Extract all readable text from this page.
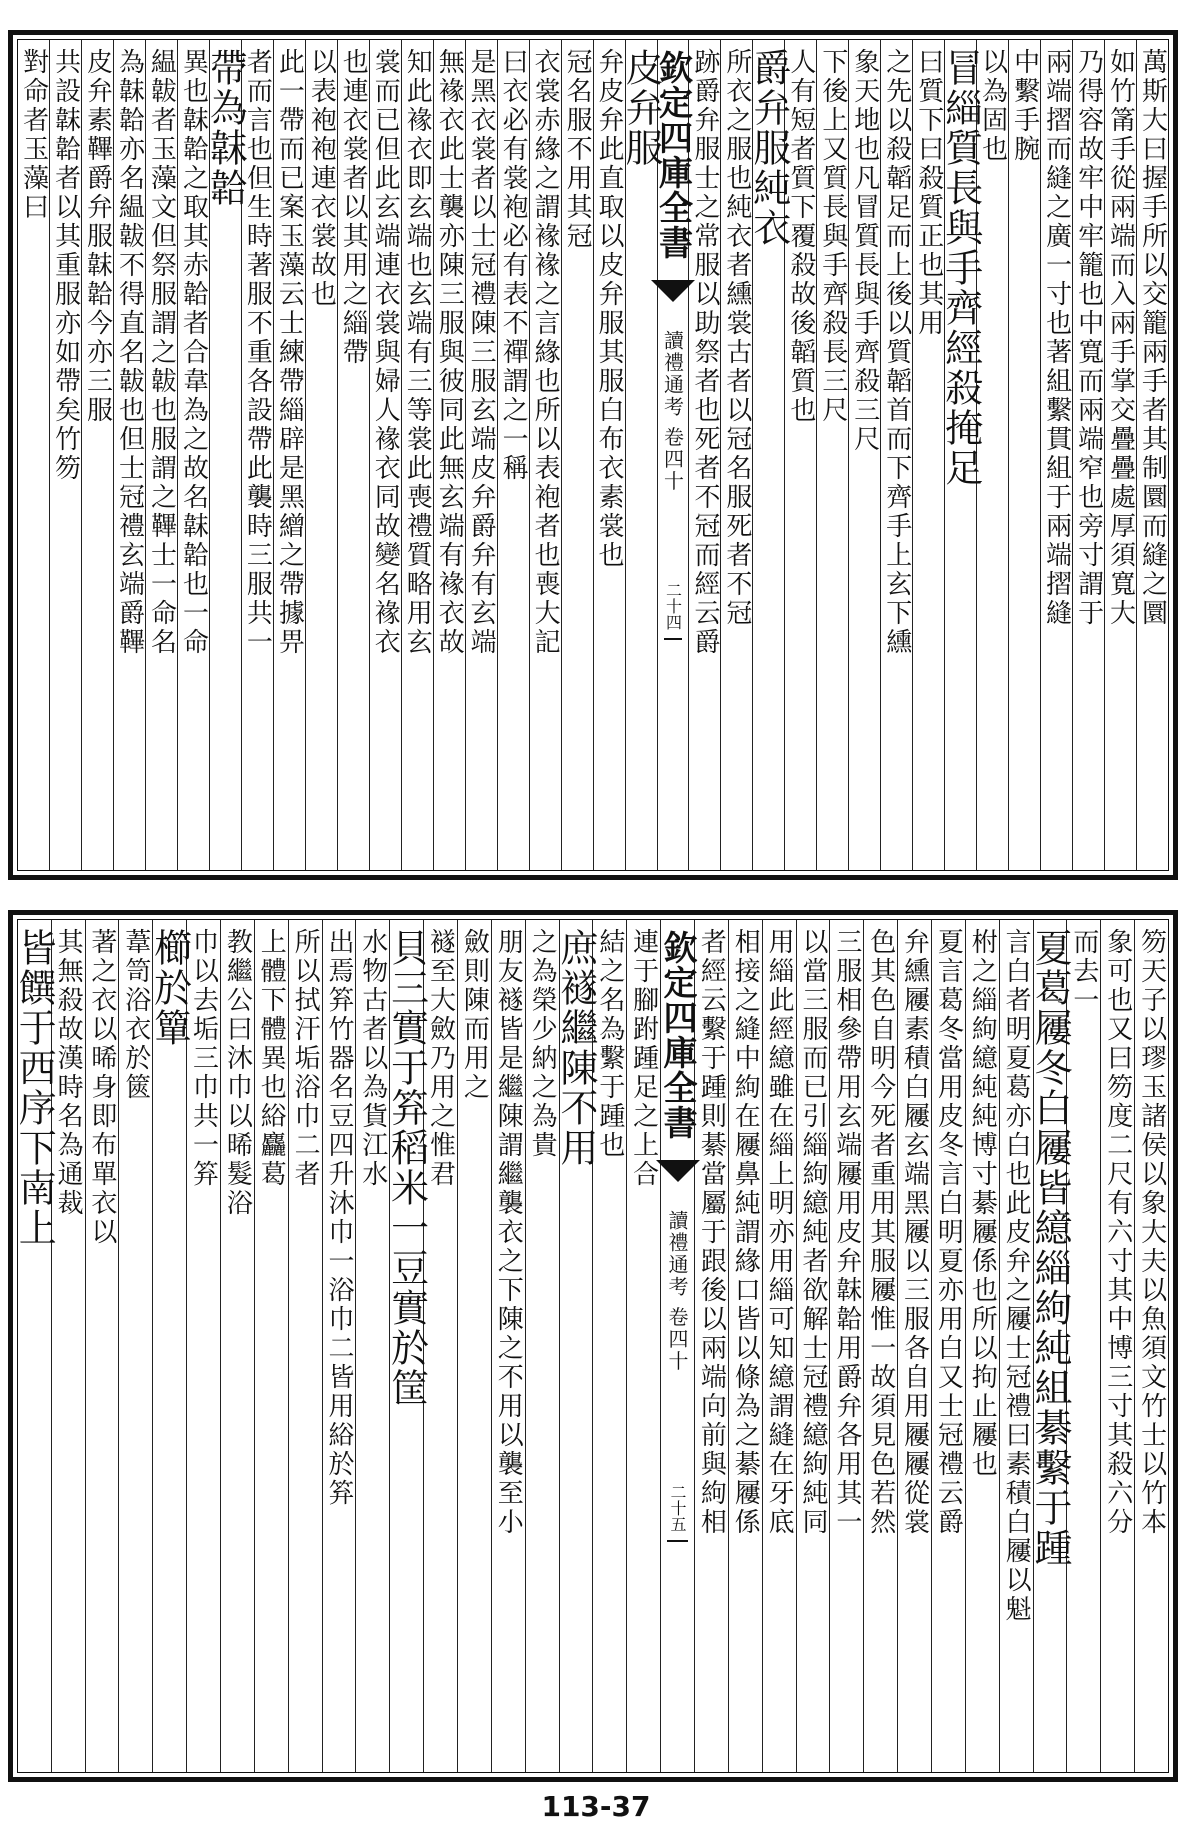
萬斯大曰握手所以交籠兩手者其制圜而縫之圜
如竹筩手從兩端而入兩手掌交疊疊處厚須寬大
乃得容故牢中牢籠也中寬而兩端窄也旁寸謂于
兩端摺而縫之廣一寸也著組繫貫組于兩端摺縫
中繫手腕
以為固也
冒緇質長與手齊經殺掩足
曰質下曰殺質正也其用
之先以殺韜足而上後以質韜首而下齊手上玄下纁
象天地也凡冒質長與手齊殺三尺
下後上又質長與手齊殺長三尺
人有短者質下覆殺故後韜質也
爵弁服純衣
所衣之服也純衣者纁裳古者以冠名服死者不冠
跡爵弁服士之常服以助祭者也死者不冠而經云爵
欽定四庫全書
讀禮通考 卷四十
二十四
皮弁服
弁皮弁此直取以皮弁服其服白布衣素裳也
冠名服不用其冠
衣裳赤緣之謂褖褖之言緣也所以表袍者也喪大記
曰衣必有裳袍必有表不禪謂之一稱
是黑衣裳者以士冠禮陳三服玄端皮弁爵弁有玄端
無褖衣此士襲亦陳三服與彼同此無玄端有褖衣故
知此褖衣即玄端也玄端有三等裳此喪禮質略用玄
裳而已但此玄端連衣裳與婦人褖衣同故變名褖衣
也連衣裳者以其用之緇帶
以表袍袍連衣裳故也
此一帶而已案玉藻云士練帶緇辟是黑繒之帶據畀
者而言也但生時著服不重各設帶此襲時三服共一
帶為韎韐
異也韎韐之取其赤韐者合韋為之故名韎韐也一命
緼韍者玉藻文但祭服謂之韍也服謂之鞸士一命名
為韎韐亦名緼韍不得直名韍也但士冠禮玄端爵鞸
皮弁素鞸爵弁服韎韐今亦三服
共設韎韐者以其重服亦如帶矣竹笏
對命者玉藻曰
笏天子以璆玉諸侯以象大夫以魚須文竹士以竹本
象可也又曰笏度二尺有六寸其中博三寸其殺六分
而去一
夏葛屨冬白屨皆繶緇絇純組綦繫于踵
言白者明夏葛亦白也此皮弁之屨士冠禮曰素積白屨以魁
柎之緇絇繶純純博寸綦屨係也所以拘止屨也
夏言葛冬當用皮冬言白明夏亦用白又士冠禮云爵
弁纁屨素積白屨玄端黑屨以三服各自用屨屨從裳
色其色自明今死者重用其服屨惟一故須見色若然
三服相參帶用玄端屨用皮弁韎韐用爵弁各用其一
以當三服而已引緇絇繶純者欲解士冠禮繶絇純同
用緇此經繶雖在緇上明亦用緇可知繶謂縫在牙底
相接之縫中絇在屨鼻純謂緣口皆以條為之綦屨係
者經云繫于踵則綦當屬于跟後以兩端向前與絇相
欽定四庫全書
讀禮通考 卷四十
二十五
連于腳跗踵足之上合
結之名為繫于踵也
庶襚繼陳不用
之為榮少納之為貴
朋友襚皆是繼陳謂繼襲衣之下陳之不用以襲至小
斂則陳而用之
襚至大斂乃用之惟君
貝三實于笲稻米一豆實於筐
水物古者以為貨江水
出焉笲竹器名豆四升沐巾一浴巾二皆用綌於笲
所以拭汗垢浴巾二者
上體下體異也綌麤葛
教繼公曰沐巾以晞髮浴
巾以去垢三巾共一笲
櫛於簞
葦笥浴衣於篋
著之衣以晞身即布單衣以
其無殺故漢時名為通裁
皆饌于西序下南上
113-37
